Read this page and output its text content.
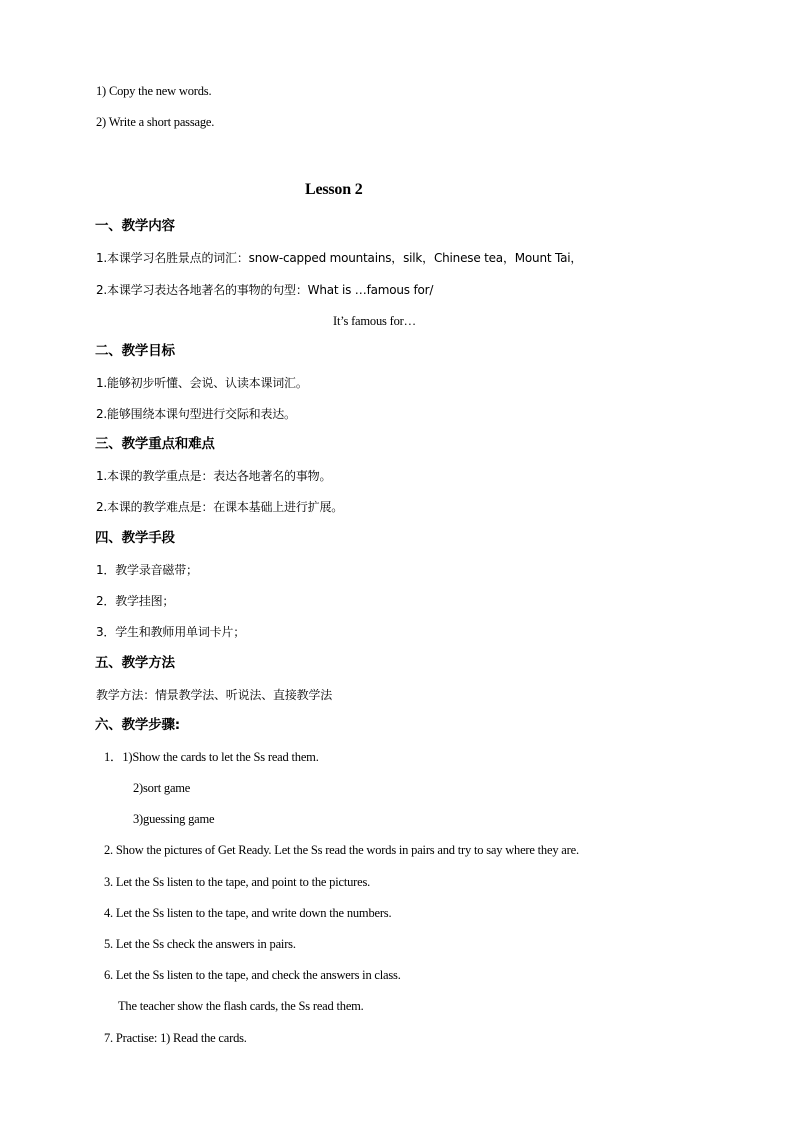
1) Copy the new words.
2) Write a short passage.
Lesson 2
一、教学内容
1.本课学习名胜景点的词汇：snow-capped mountains，silk，Chinese tea，Mount Tai，
2.本课学习表达各地著名的事物的句型：What is …famous for/
It’s famous for…
二、教学目标
1.能够初步听懂、会说、认读本课词汇。
2.能够围绕本课句型进行交际和表达。
三、教学重点和难点
1.本课的教学重点是：表达各地著名的事物。
2.本课的教学难点是：在课本基础上进行扩展。
四、教学手段
1．教学录音磁带；
2．教学挂图；
3．学生和教师用单词卡片；
五、教学方法
教学方法：情景教学法、听说法、直接教学法
六、教学步骤:
1．1)Show the cards to let the Ss read them.
2)sort game
3)guessing game
2. Show the pictures of Get Ready. Let the Ss read the words in pairs and try to say where they are.
3. Let the Ss listen to the tape, and point to the pictures.
4. Let the Ss listen to the tape, and write down the numbers.
5. Let the Ss check the answers in pairs.
6. Let the Ss listen to the tape, and check the answers in class.
The teacher show the flash cards, the Ss read them.
7. Practise: 1) Read the cards.
